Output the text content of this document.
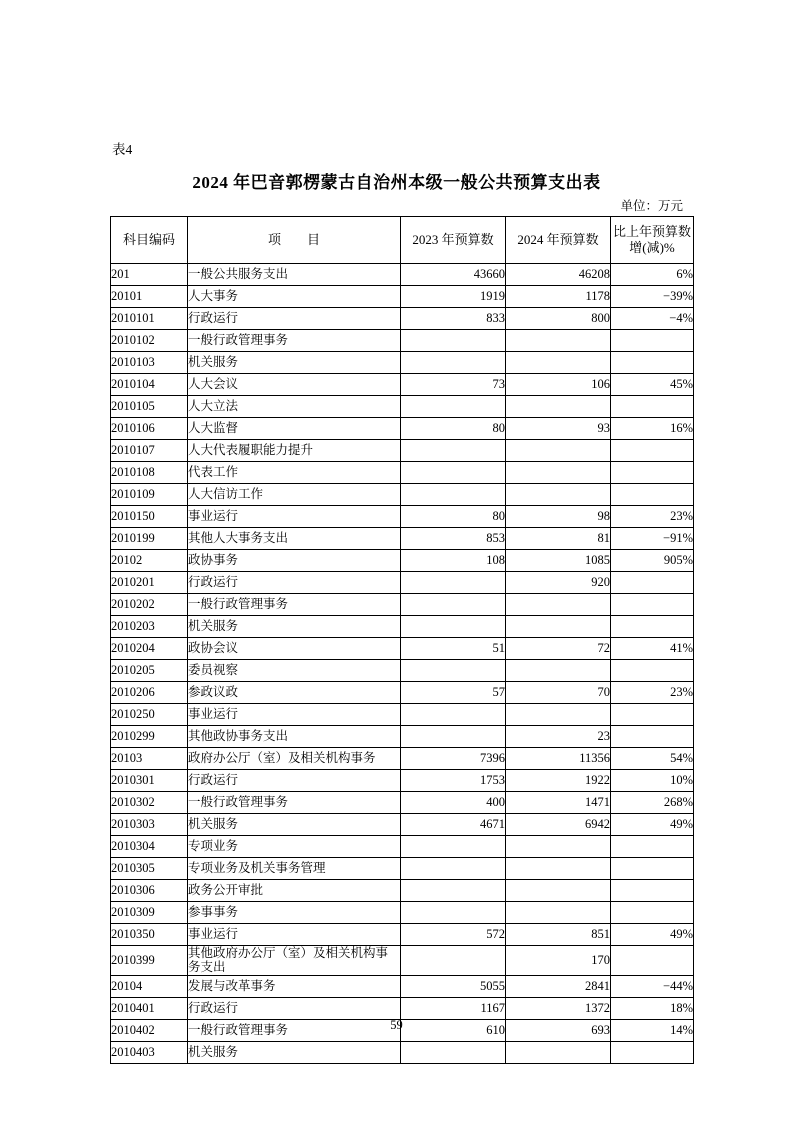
表4
2024 年巴音郭楞蒙古自治州本级一般公共预算支出表
单位：万元
科目编码	项　　目	2023 年预算数	2024 年预算数	比上年预算数
增(减)%

201	一般公共服务支出	43660	46208	6%
20101	人大事务	1919	1178	−39%
2010101	行政运行	833	800	−4%
2010102	一般行政管理事务			
2010103	机关服务			
2010104	人大会议	73	106	45%
2010105	人大立法			
2010106	人大监督	80	93	16%
2010107	人大代表履职能力提升			
2010108	代表工作			
2010109	人大信访工作			
2010150	事业运行	80	98	23%
2010199	其他人大事务支出	853	81	−91%
20102	政协事务	108	1085	905%
2010201	行政运行		920	
2010202	一般行政管理事务			
2010203	机关服务			
2010204	政协会议	51	72	41%
2010205	委员视察			
2010206	参政议政	57	70	23%
2010250	事业运行			
2010299	其他政协事务支出		23	
20103	政府办公厅（室）及相关机构事务	7396	11356	54%
2010301	行政运行	1753	1922	10%
2010302	一般行政管理事务	400	1471	268%
2010303	机关服务	4671	6942	49%
2010304	专项业务			
2010305	专项业务及机关事务管理			
2010306	政务公开审批			
2010309	参事事务			
2010350	事业运行	572	851	49%
2010399	其他政府办公厅（室）及相关机构事务支出		170	
20104	发展与改革事务	5055	2841	−44%
2010401	行政运行	1167	1372	18%
2010402	一般行政管理事务	610	693	14%
2010403	机关服务			
59
